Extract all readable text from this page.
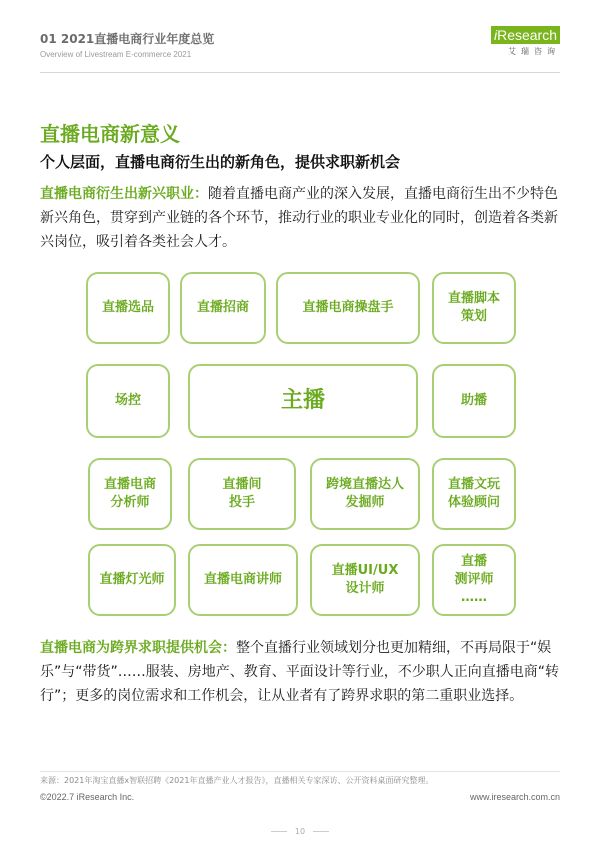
01 2021直播电商行业年度总览
Overview of Livestream E-commerce 2021
iResearch
艾瑞咨询
直播电商新意义
个人层面，直播电商衍生出的新角色，提供求职新机会
直播电商衍生出新兴职业：随着直播电商产业的深入发展，直播电商衍生出不少特色新兴角色，贯穿到产业链的各个环节，推动行业的职业专业化的同时，创造着各类新兴岗位，吸引着各类社会人才。
直播选品	直播招商	直播电商操盘手
直播脚本
策划
场控	主播	助播
直播电商
分析师
直播间
投手
跨境直播达人
发掘师
直播文玩
体验顾问
直播灯光师	直播电商讲师
直播UI/UX
设计师
直播
测评师
……
直播电商为跨界求职提供机会：整个直播行业领域划分也更加精细，不再局限于“娱乐”与“带货”……服装、房地产、教育、平面设计等行业，不少职人正向直播电商“转行”；更多的岗位需求和工作机会，让从业者有了跨界求职的第二重职业选择。
来源：2021年淘宝直播x智联招聘《2021年直播产业人才报告》，直播相关专家深访、公开资料桌面研究整理。
©2022.7 iResearch Inc.	www.iresearch.com.cn
10
